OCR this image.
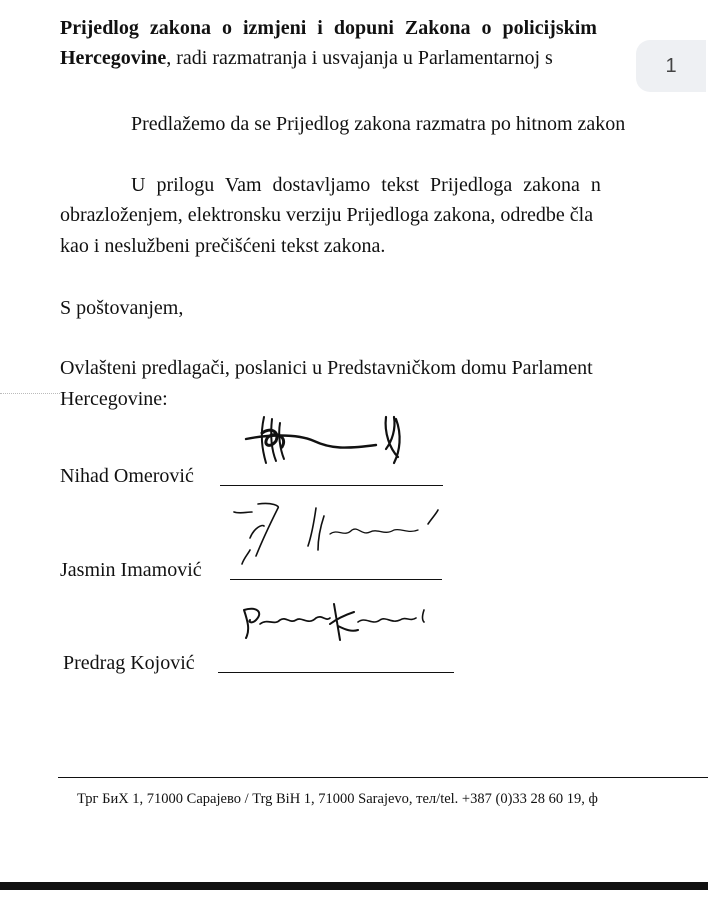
Prijedlog zakona o izmjeni i dopuni Zakona o policijskim
Hercegovine, radi razmatranja i usvajanja u Parlamentarnoj s
Predlažemo da se Prijedlog zakona razmatra po hitnom zakon
U prilogu Vam dostavljamo tekst Prijedloga zakona n
obrazloženjem, elektronsku verziju Prijedloga zakona, odredbe čla
kao i neslužbeni prečišćeni tekst zakona.
S poštovanjem,
Ovlašteni predlagači, poslanici u Predstavničkom domu Parlament
Hercegovine:
Nihad Omerović
Jasmin Imamović
Predrag Kojović
Трг БиХ 1, 71000 Сарајево / Trg BiH 1, 71000 Sarajevo, тел/tel. +387 (0)33 28 60 19, ф
1
